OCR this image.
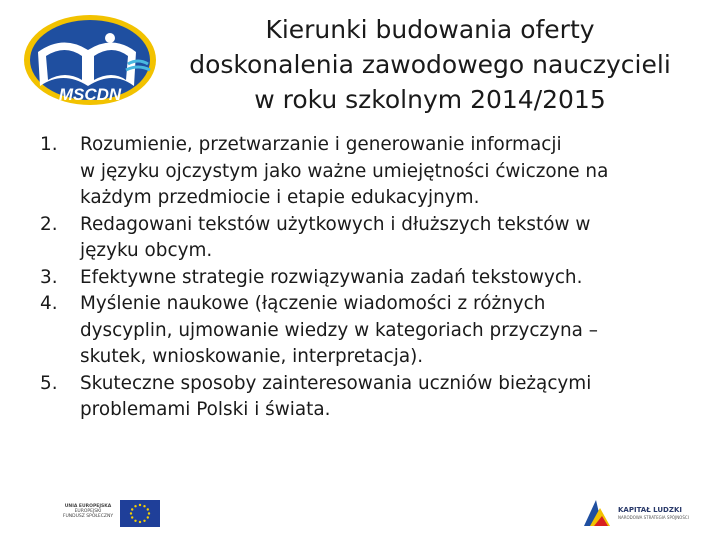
MSCDN
Kierunki budowania oferty
doskonalenia zawodowego nauczycieli
w roku szkolnym 2014/2015
1. Rozumienie, przetwarzanie i generowanie informacji
w języku ojczystym jako ważne umiejętności ćwiczone na
każdym przedmiocie i etapie edukacyjnym.
2. Redagowani tekstów użytkowych i dłuższych tekstów w
języku obcym.
3. Efektywne strategie rozwiązywania zadań tekstowych.
4. Myślenie naukowe (łączenie wiadomości z różnych
dyscyplin, ujmowanie wiedzy w kategoriach przyczyna –
skutek, wnioskowanie, interpretacja).
5. Skuteczne sposoby zainteresowania uczniów bieżącymi
problemami Polski i świata.
UNIA EUROPEJSKA
EUROPEJSKI
FUNDUSZ SPOŁECZNY
KAPITAŁ LUDZKI
NARODOWA STRATEGIA SPÓJNOŚCI
